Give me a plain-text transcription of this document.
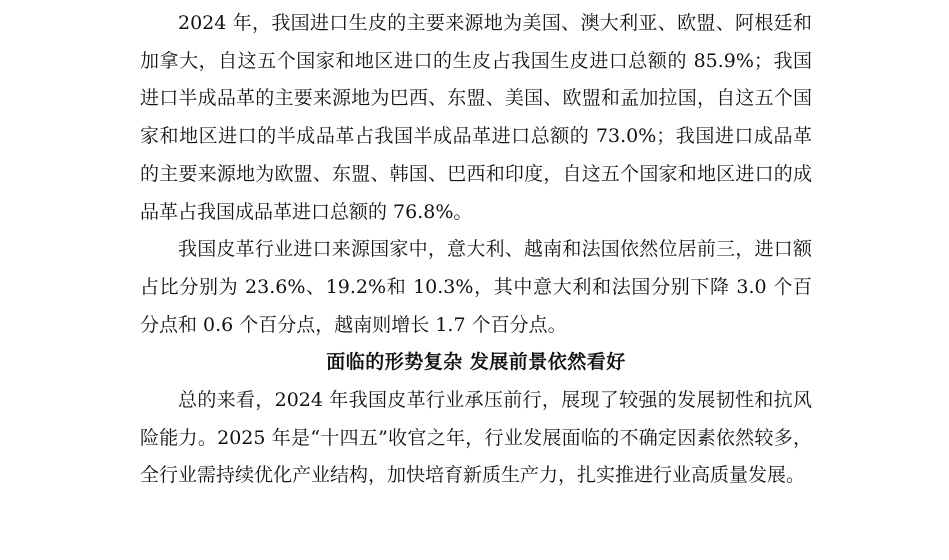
2024 年，我国进口生皮的主要来源地为美国、澳大利亚、欧盟、阿根廷和加拿大，自这五个国家和地区进口的生皮占我国生皮进口总额的 85.9%；我国进口半成品革的主要来源地为巴西、东盟、美国、欧盟和孟加拉国，自这五个国家和地区进口的半成品革占我国半成品革进口总额的 73.0%；我国进口成品革的主要来源地为欧盟、东盟、韩国、巴西和印度，自这五个国家和地区进口的成品革占我国成品革进口总额的 76.8%。

我国皮革行业进口来源国家中，意大利、越南和法国依然位居前三，进口额占比分别为 23.6%、19.2%和 10.3%，其中意大利和法国分别下降 3.0 个百分点和 0.6 个百分点，越南则增长 1.7 个百分点。

面临的形势复杂 发展前景依然看好

总的来看，2024 年我国皮革行业承压前行，展现了较强的发展韧性和抗风险能力。2025 年是“十四五”收官之年，行业发展面临的不确定因素依然较多，全行业需持续优化产业结构，加快培育新质生产力，扎实推进行业高质量发展。
